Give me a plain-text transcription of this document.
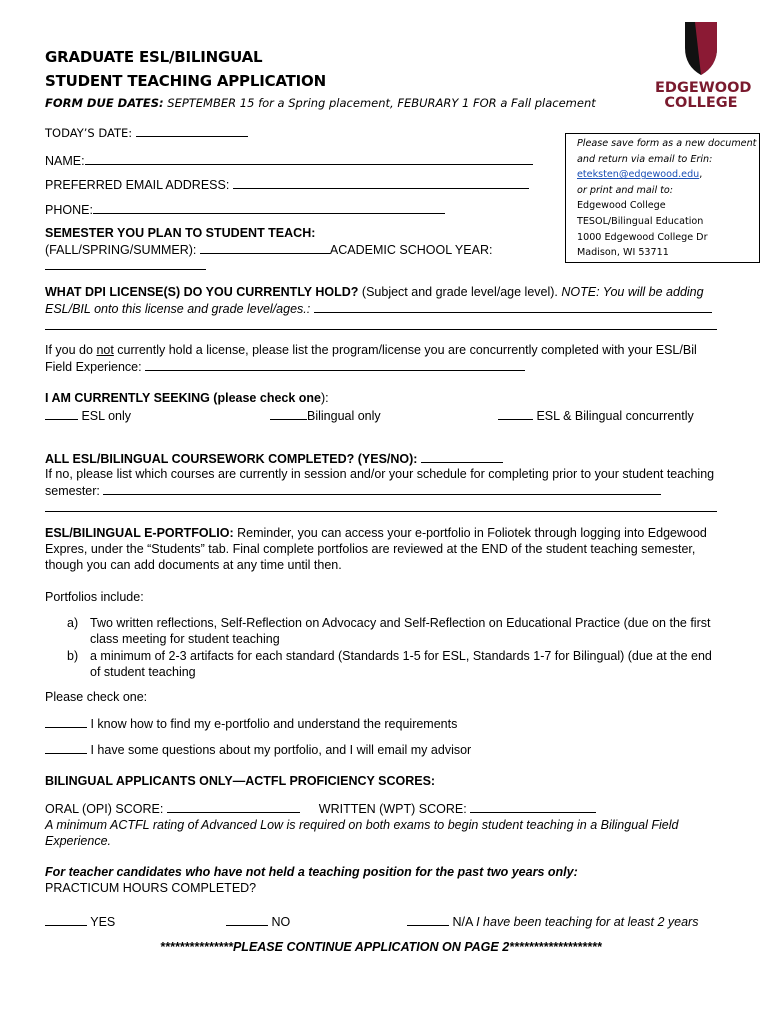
GRADUATE ESL/BILINGUAL
STUDENT TEACHING APPLICATION
FORM DUE DATES: SEPTEMBER 15 for a Spring placement, FEBURARY 1 FOR a Fall placement
EDGEWOOD
COLLEGE
Please save form as a new document
and return via email to Erin:
eteksten@edgewood.edu,
or print and mail to:
Edgewood College
TESOL/Bilingual Education
1000 Edgewood College Dr
Madison, WI 53711
TODAY’S DATE:
NAME:
PREFERRED EMAIL ADDRESS:
PHONE:
SEMESTER YOU PLAN TO STUDENT TEACH:
(FALL/SPRING/SUMMER):	ACADEMIC SCHOOL YEAR:
WHAT DPI LICENSE(S) DO YOU CURRENTLY HOLD? (Subject and grade level/age level). NOTE: You will be adding
ESL/BIL onto this license and grade level/ages.:
If you do not currently hold a license, please list the program/license you are concurrently completed with your ESL/Bil
Field Experience:
I AM CURRENTLY SEEKING (please check one):
ESL only	Bilingual only	ESL & Bilingual concurrently
ALL ESL/BILINGUAL COURSEWORK COMPLETED? (YES/NO):
If no, please list which courses are currently in session and/or your schedule for completing prior to your student teaching
semester:
ESL/BILINGUAL E-PORTFOLIO: Reminder, you can access your e-portfolio in Foliotek through logging into Edgewood Expres, under the “Students” tab. Final complete portfolios are reviewed at the END of the student teaching semester, though you can add documents at any time until then.
Portfolios include:
a) Two written reflections, Self-Reflection on Advocacy and Self-Reflection on Educational Practice (due on the first class meeting for student teaching
b) a minimum of 2-3 artifacts for each standard (Standards 1-5 for ESL, Standards 1-7 for Bilingual) (due at the end of student teaching
Please check one:
I know how to find my e-portfolio and understand the requirements
I have some questions about my portfolio, and I will email my advisor
BILINGUAL APPLICANTS ONLY—ACTFL PROFICIENCY SCORES:
ORAL (OPI) SCORE:	WRITTEN (WPT) SCORE:
A minimum ACTFL rating of Advanced Low is required on both exams to begin student teaching in a Bilingual Field Experience.
For teacher candidates who have not held a teaching position for the past two years only:
PRACTICUM HOURS COMPLETED?
YES	NO	N/A I have been teaching for at least 2 years
***************PLEASE CONTINUE APPLICATION ON PAGE 2*******************
